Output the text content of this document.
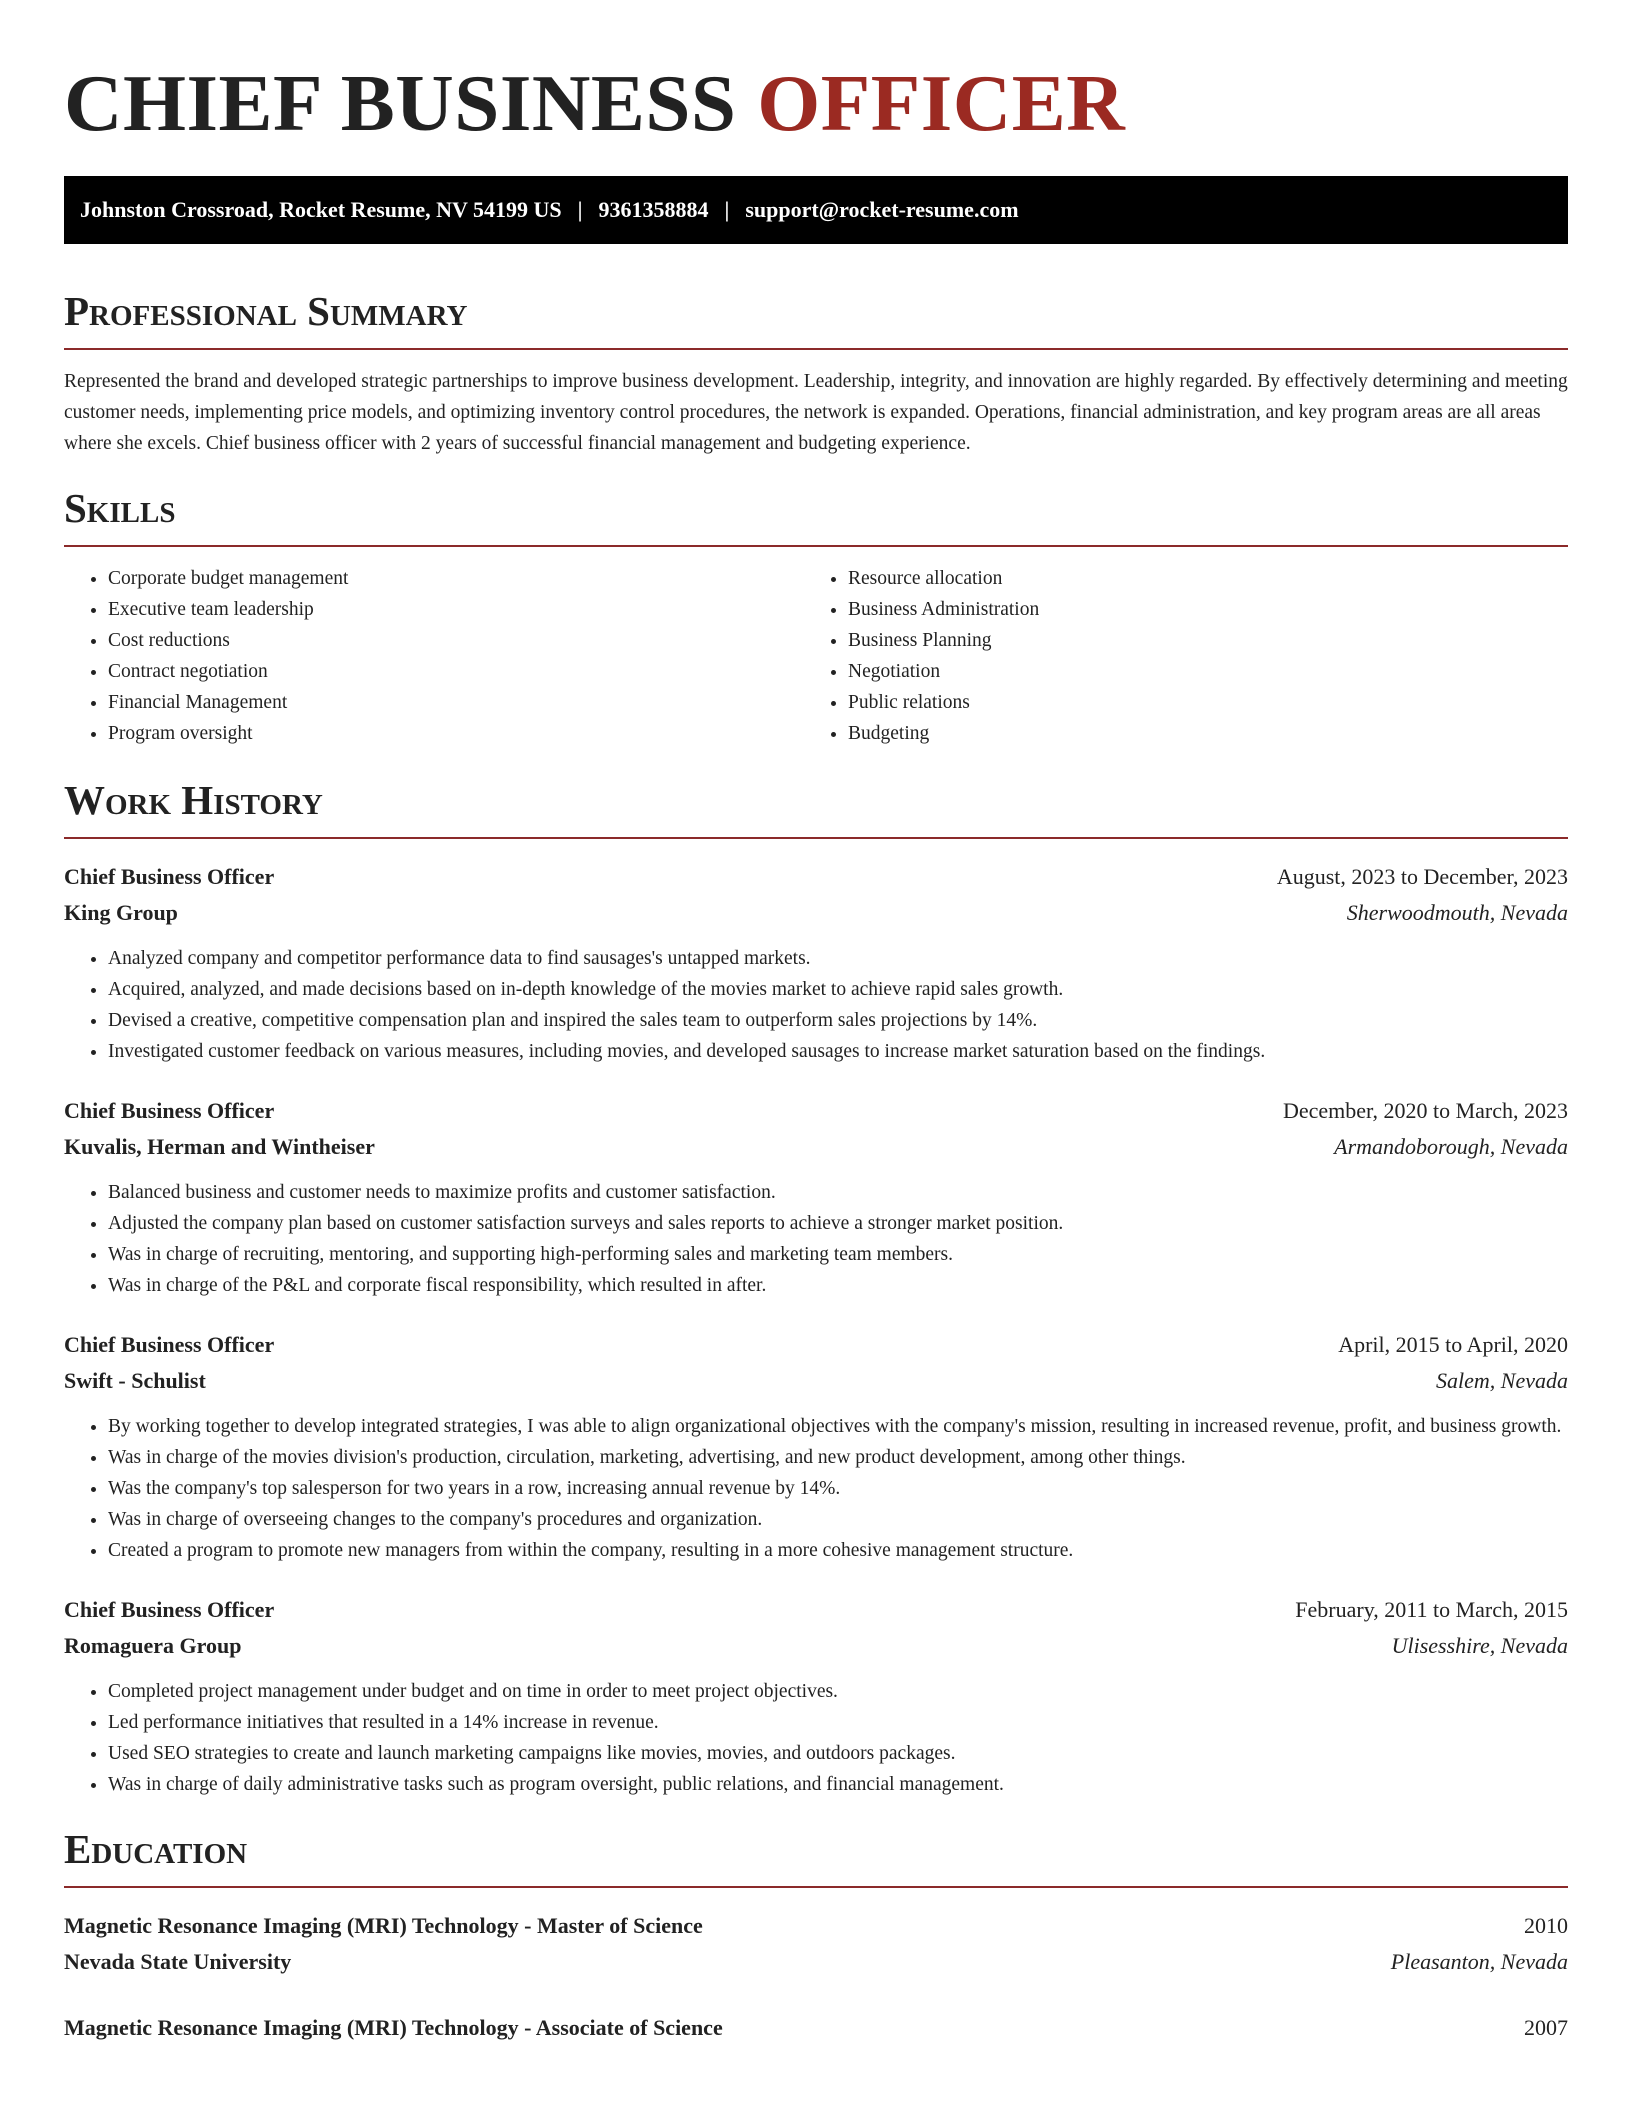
CHIEF BUSINESS OFFICER
Johnston Crossroad, Rocket Resume, NV 54199 US | 9361358884 | support@rocket-resume.com
Professional Summary

Represented the brand and developed strategic partnerships to improve business development. Leadership, integrity, and innovation are highly regarded. By effectively determining and meeting customer needs, implementing price models, and optimizing inventory control procedures, the network is expanded. Operations, financial administration, and key program areas are all areas where she excels. Chief business officer with 2 years of successful financial management and budgeting experience.

Skills
• Corporate budget management
• Executive team leadership
• Cost reductions
• Contract negotiation
• Financial Management
• Program oversight
• Resource allocation
• Business Administration
• Business Planning
• Negotiation
• Public relations
• Budgeting
Work History
Chief Business Officer	August, 2023 to December, 2023
King Group	Sherwoodmouth, Nevada
• Analyzed company and competitor performance data to find sausages's untapped markets.
• Acquired, analyzed, and made decisions based on in-depth knowledge of the movies market to achieve rapid sales growth.
• Devised a creative, competitive compensation plan and inspired the sales team to outperform sales projections by 14%.
• Investigated customer feedback on various measures, including movies, and developed sausages to increase market saturation based on the findings.
Chief Business Officer	December, 2020 to March, 2023
Kuvalis, Herman and Wintheiser	Armandoborough, Nevada
• Balanced business and customer needs to maximize profits and customer satisfaction.
• Adjusted the company plan based on customer satisfaction surveys and sales reports to achieve a stronger market position.
• Was in charge of recruiting, mentoring, and supporting high-performing sales and marketing team members.
• Was in charge of the P&L and corporate fiscal responsibility, which resulted in after.
Chief Business Officer	April, 2015 to April, 2020
Swift - Schulist	Salem, Nevada
• By working together to develop integrated strategies, I was able to align organizational objectives with the company's mission, resulting in increased revenue, profit, and business growth.
• Was in charge of the movies division's production, circulation, marketing, advertising, and new product development, among other things.
• Was the company's top salesperson for two years in a row, increasing annual revenue by 14%.
• Was in charge of overseeing changes to the company's procedures and organization.
• Created a program to promote new managers from within the company, resulting in a more cohesive management structure.
Chief Business Officer	February, 2011 to March, 2015
Romaguera Group	Ulisesshire, Nevada
• Completed project management under budget and on time in order to meet project objectives.
• Led performance initiatives that resulted in a 14% increase in revenue.
• Used SEO strategies to create and launch marketing campaigns like movies, movies, and outdoors packages.
• Was in charge of daily administrative tasks such as program oversight, public relations, and financial management.
Education
Magnetic Resonance Imaging (MRI) Technology - Master of Science	2010
Nevada State University	Pleasanton, Nevada
Magnetic Resonance Imaging (MRI) Technology - Associate of Science	2007
